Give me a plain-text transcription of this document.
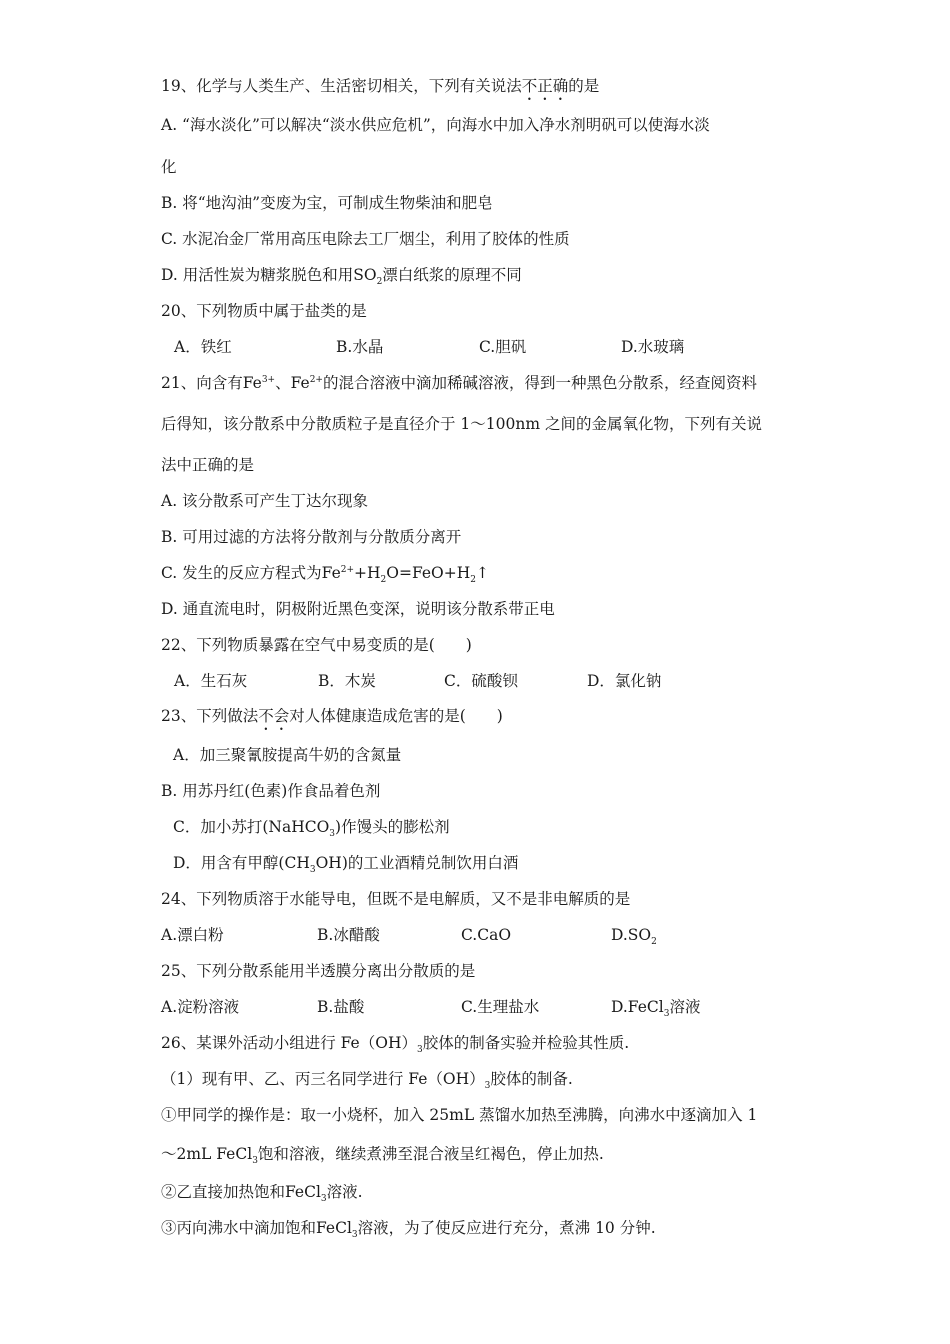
19、化学与人类生产、生活密切相关，下列有关说法不正确的是
A. “海水淡化”可以解决“淡水供应危机”，向海水中加入净水剂明矾可以使海水淡
化
B. 将“地沟油”变废为宝，可制成生物柴油和肥皂
C. 水泥冶金厂常用高压电除去工厂烟尘，利用了胶体的性质
D. 用活性炭为糖浆脱色和用$SO_2$漂白纸浆的原理不同
20、下列物质中属于盐类的是
A．铁红	B.水晶	C.胆矾	D.水玻璃
21、向含有$Fe^{3+}$、$Fe^{2+}$的混合溶液中滴加稀碱溶液，得到一种黑色分散系，经查阅资料
后得知，该分散系中分散质粒子是直径介于 1～100nm 之间的金属氧化物，下列有关说
法中正确的是
A. 该分散系可产生丁达尔现象
B. 可用过滤的方法将分散剂与分散质分离开
C. 发生的反应方程式为$Fe^{2+}+H_2O=FeO+H_2↑$
D. 通直流电时，阴极附近黑色变深，说明该分散系带正电
22、下列物质暴露在空气中易变质的是(　　)
A．生石灰	B．木炭	C．硫酸钡	D．氯化钠
23、下列做法不会对人体健康造成危害的是(　　)
A．加三聚氰胺提高牛奶的含氮量
B. 用苏丹红(色素)作食品着色剂
C．加小苏打(NaHCO$_3$)作馒头的膨松剂
D．用含有甲醇$(CH_3OH)$的工业酒精兑制饮用白酒
24、下列物质溶于水能导电，但既不是电解质，又不是非电解质的是
A.漂白粉	B.冰醋酸	C.CaO	$D.SO_2$
25、下列分散系能用半透膜分离出分散质的是
A.淀粉溶液	B.盐酸	C.生理盐水	D.FeCl$_3$溶液
26、某课外活动小组进行 $Fe(OH)_3$胶体的制备实验并检验其性质.
（1）现有甲、乙、丙三名同学进行 $Fe(OH)_3$胶体的制备.
①甲同学的操作是：取一小烧杯，加入 25mL 蒸馏水加热至沸腾，向沸水中逐滴加入 1
～2mL FeCl$_3$饱和溶液，继续煮沸至混合液呈红褐色，停止加热.
②乙直接加热饱和FeCl$_3$溶液.
③丙向沸水中滴加饱和FeCl$_3$溶液，为了使反应进行充分，煮沸 10 分钟.
